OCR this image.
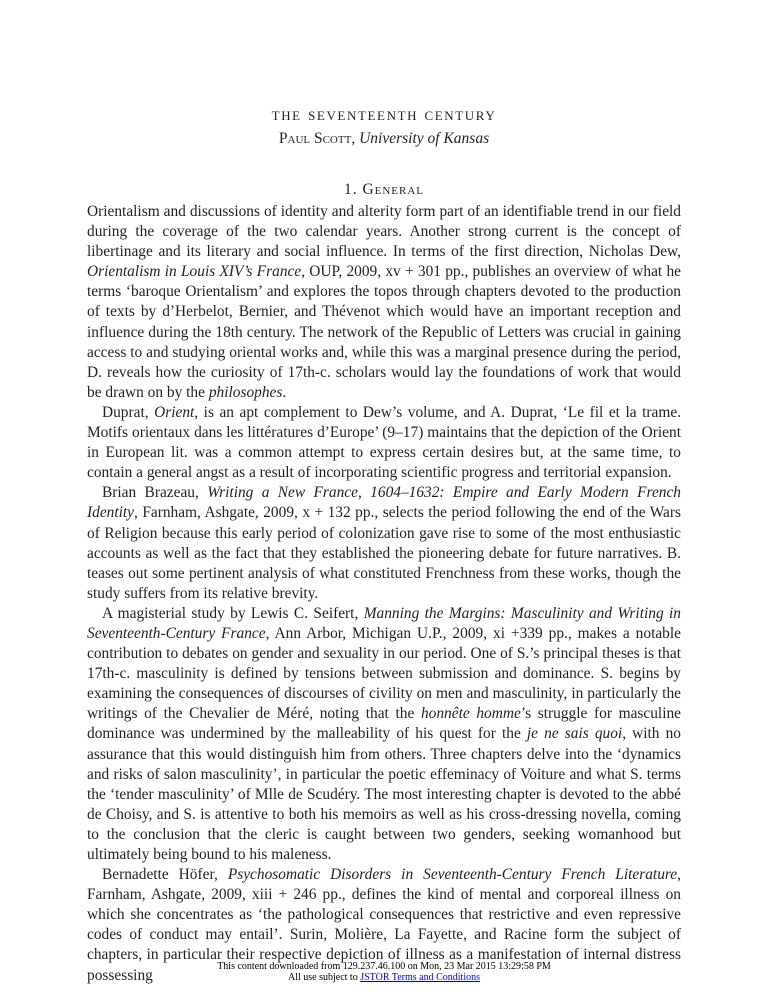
the seventeenth century
Paul Scott, University of Kansas
1. General

Orientalism and discussions of identity and alterity form part of an identifiable trend in our field during the coverage of the two calendar years. Another strong current is the concept of libertinage and its literary and social influence. In terms of the first direction, Nicholas Dew, Orientalism in Louis XIV’s France, OUP, 2009, xv + 301 pp., publishes an overview of what he terms ‘baroque Orientalism’ and explores the topos through chapters devoted to the production of texts by d’Herbelot, Bernier, and Thévenot which would have an important reception and influence during the 18th century. The network of the Republic of Letters was crucial in gaining access to and studying oriental works and, while this was a marginal presence during the period, D. reveals how the curiosity of 17th-c. scholars would lay the foundations of work that would be drawn on by the philosophes.

Duprat, Orient, is an apt complement to Dew’s volume, and A. Duprat, ‘Le fil et la trame. Motifs orientaux dans les littératures d’Europe’ (9–17) maintains that the depiction of the Orient in European lit. was a common attempt to express certain desires but, at the same time, to contain a general angst as a result of incorporating scientific progress and territorial expansion.

Brian Brazeau, Writing a New France, 1604–1632: Empire and Early Modern French Identity, Farnham, Ashgate, 2009, x + 132 pp., selects the period following the end of the Wars of Religion because this early period of colonization gave rise to some of the most enthusiastic accounts as well as the fact that they established the pioneering debate for future narratives. B. teases out some pertinent analysis of what constituted Frenchness from these works, though the study suffers from its relative brevity.

A magisterial study by Lewis C. Seifert, Manning the Margins: Masculinity and Writing in Seventeenth-Century France, Ann Arbor, Michigan U.P., 2009, xi +339 pp., makes a notable contribution to debates on gender and sexuality in our period. One of S.’s principal theses is that 17th-c. masculinity is defined by tensions between submission and dominance. S. begins by examining the consequences of discourses of civility on men and masculinity, in particularly the writings of the Chevalier de Méré, noting that the honnête homme’s struggle for masculine dominance was undermined by the malleability of his quest for the je ne sais quoi, with no assurance that this would distinguish him from others. Three chapters delve into the ‘dynamics and risks of salon masculinity’, in particular the poetic effeminacy of Voiture and what S. terms the ‘tender masculinity’ of Mlle de Scudéry. The most interesting chapter is devoted to the abbé de Choisy, and S. is attentive to both his memoirs as well as his cross-dressing novella, coming to the conclusion that the cleric is caught between two genders, seeking womanhood but ultimately being bound to his maleness.

Bernadette Höfer, Psychosomatic Disorders in Seventeenth-Century French Literature, Farnham, Ashgate, 2009, xiii + 246 pp., defines the kind of mental and corporeal illness on which she concentrates as ‘the pathological consequences that restrictive and even repressive codes of conduct may entail’. Surin, Molière, La Fayette, and Racine form the subject of chapters, in particular their respective depiction of illness as a manifestation of internal distress possessing

This content downloaded from 129.237.46.100 on Mon, 23 Mar 2015 13:29:58 PM
All use subject to JSTOR Terms and Conditions
